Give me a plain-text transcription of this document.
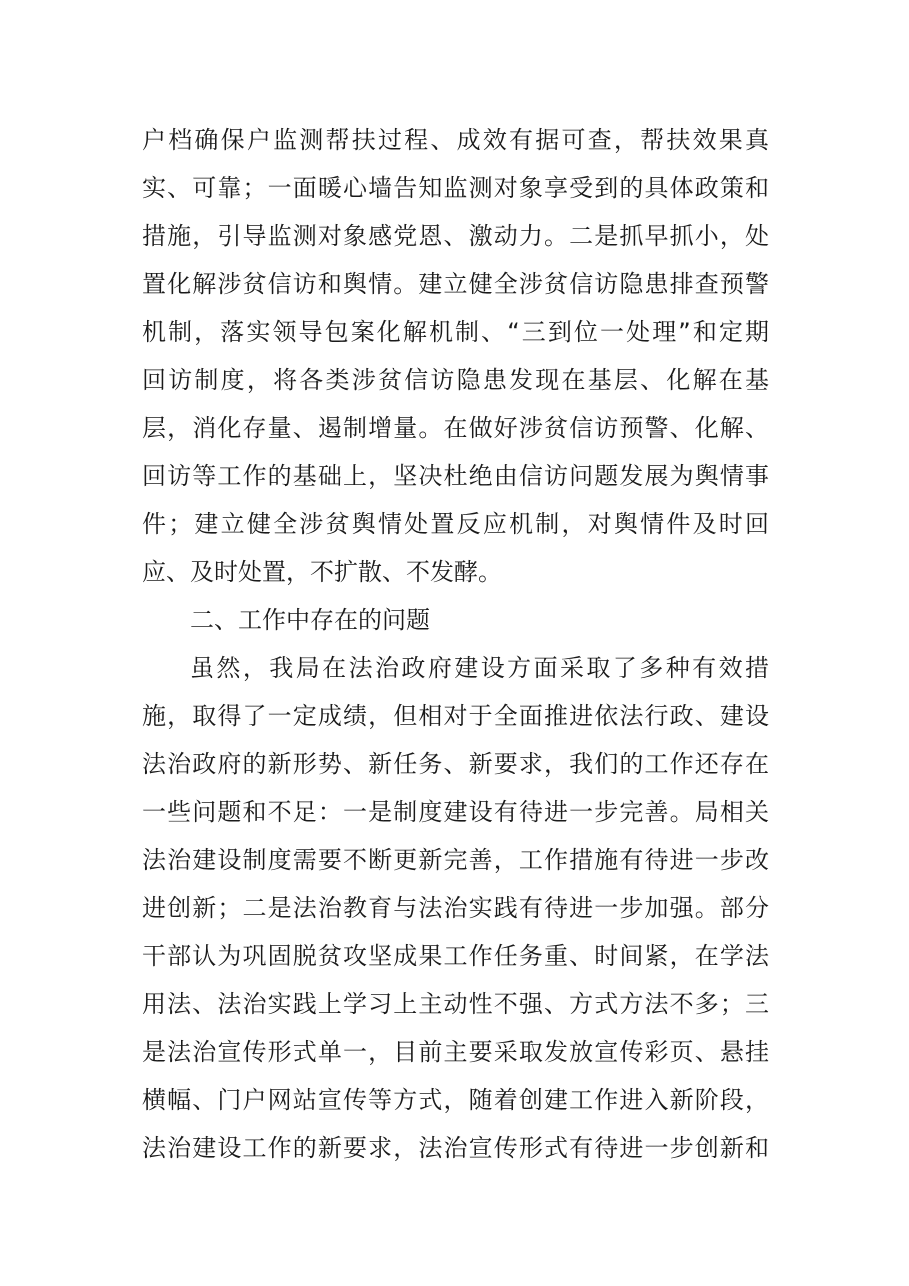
户档确保户监测帮扶过程、成效有据可查，帮扶效果真
实、可靠；一面暖心墙告知监测对象享受到的具体政策和
措施，引导监测对象感党恩、激动力。二是抓早抓小，处
置化解涉贫信访和舆情。建立健全涉贫信访隐患排查预警
机制，落实领导包案化解机制、“三到位一处理”和定期
回访制度，将各类涉贫信访隐患发现在基层、化解在基
层，消化存量、遏制增量。在做好涉贫信访预警、化解、
回访等工作的基础上，坚决杜绝由信访问题发展为舆情事
件；建立健全涉贫舆情处置反应机制，对舆情件及时回
应、及时处置，不扩散、不发酵。
二、工作中存在的问题
虽然，我局在法治政府建设方面采取了多种有效措
施，取得了一定成绩，但相对于全面推进依法行政、建设
法治政府的新形势、新任务、新要求，我们的工作还存在
一些问题和不足：一是制度建设有待进一步完善。局相关
法治建设制度需要不断更新完善，工作措施有待进一步改
进创新；二是法治教育与法治实践有待进一步加强。部分
干部认为巩固脱贫攻坚成果工作任务重、时间紧，在学法
用法、法治实践上学习上主动性不强、方式方法不多；三
是法治宣传形式单一，目前主要采取发放宣传彩页、悬挂
横幅、门户网站宣传等方式，随着创建工作进入新阶段，
法治建设工作的新要求，法治宣传形式有待进一步创新和
